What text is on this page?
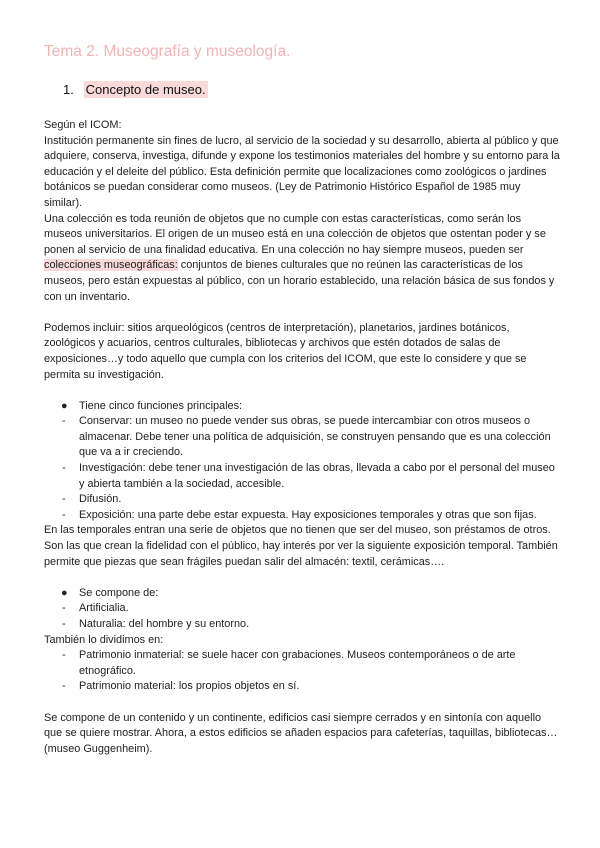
Tema 2. Museografía y museología.
1. Concepto de museo.

Según el ICOM:

Institución permanente sin fines de lucro, al servicio de la sociedad y su desarrollo, abierta al público y que adquiere, conserva, investiga, difunde y expone los testimonios materiales del hombre y su entorno para la educación y el deleite del público. Esta definición permite que localizaciones como zoológicos o jardines botánicos se puedan considerar como museos. (Ley de Patrimonio Histórico Español de 1985 muy similar).

Una colección es toda reunión de objetos que no cumple con estas características, como serán los museos universitarios. El origen de un museo está en una colección de objetos que ostentan poder y se ponen al servicio de una finalidad educativa. En una colección no hay siempre museos, pueden ser colecciones museográficas: conjuntos de bienes culturales que no reúnen las características de los museos, pero están expuestas al público, con un horario establecido, una relación básica de sus fondos y con un inventario.

Podemos incluir: sitios arqueológicos (centros de interpretación), planetarios, jardines botánicos, zoológicos y acuarios, centros culturales, bibliotecas y archivos que estén dotados de salas de exposiciones…y todo aquello que cumpla con los criterios del ICOM, que este lo considere y que se permita su investigación.

● Tiene cinco funciones principales:
- Conservar: un museo no puede vender sus obras, se puede intercambiar con otros museos o almacenar. Debe tener una política de adquisición, se construyen pensando que es una colección que va a ir creciendo.
- Investigación: debe tener una investigación de las obras, llevada a cabo por el personal del museo y abierta también a la sociedad, accesible.
- Difusión.
- Exposición: una parte debe estar expuesta. Hay exposiciones temporales y otras que son fijas.

En las temporales entran una serie de objetos que no tienen que ser del museo, son préstamos de otros. Son las que crean la fidelidad con el público, hay interés por ver la siguiente exposición temporal. También permite que piezas que sean frágiles puedan salir del almacén: textil, cerámicas….

● Se compone de:
- Artificialia.
- Naturalia: del hombre y su entorno.

También lo dividimos en:

- Patrimonio inmaterial: se suele hacer con grabaciones. Museos contemporáneos o de arte etnográfico.
- Patrimonio material: los propios objetos en sí.

Se compone de un contenido y un continente, edificios casi siempre cerrados y en sintonía con aquello que se quiere mostrar. Ahora, a estos edificios se añaden espacios para cafeterías, taquillas, bibliotecas… (museo Guggenheim).
